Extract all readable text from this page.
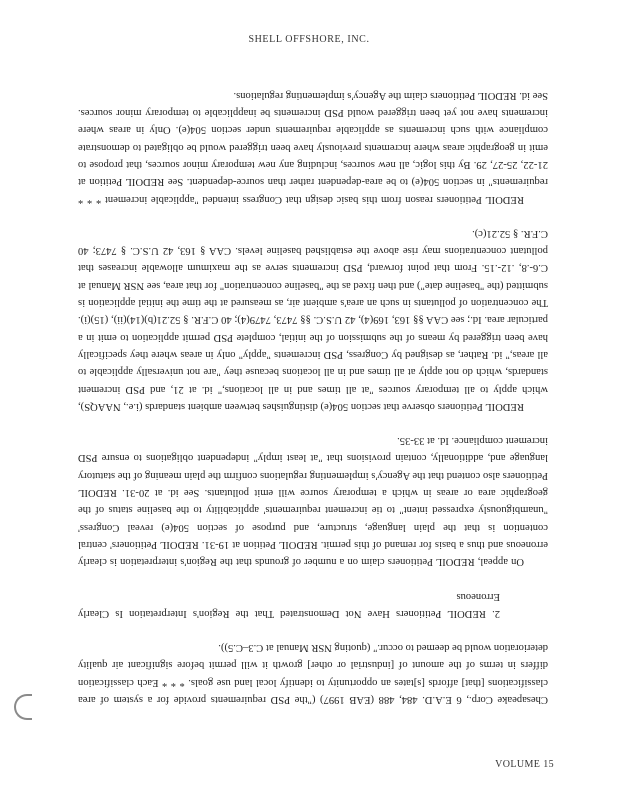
SHELL OFFSHORE, INC.

Chesapeake Corp., 6 E.A.D. 484, 488 (EAB 1997) ("the PSD requirements provide for a system of area classifications [that] affords [s]tates an opportunity to identify local land use goals. * * * Each classification differs in terms of the amount of [industrial or other] growth it will permit before significant air quality deterioration would be deemed to occur." (quoting NSR Manual at C.3–C.5)).

2. REDOIL Petitioners Have Not Demonstrated That the Region's Interpretation Is Clearly Erroneous

On appeal, REDOIL Petitioners claim on a number of grounds that the Region's interpretation is clearly erroneous and thus a basis for remand of this permit. REDOIL Petition at 19-31. REDOIL Petitioners' central contention is that the plain language, structure, and purpose of section 504(e) reveal Congress' "unambiguously expressed intent" to tie increment requirements' applicability to the baseline status of the geographic area or areas in which a temporary source will emit pollutants. See id. at 20-31. REDOIL Petitioners also contend that the Agency's implementing regulations confirm the plain meaning of the statutory language and, additionally, contain provisions that "at least imply" independent obligations to ensure PSD increment compliance. Id. at 33-35.

REDOIL Petitioners observe that section 504(e) distinguishes between ambient standards (i.e., NAAQS), which apply to all temporary sources "at all times and in all locations," id. at 21, and PSD increment standards, which do not apply at all times and in all locations because they "are not universally applicable to all areas," id. Rather, as designed by Congress, PSD increments "apply" only in areas where they specifically have been triggered by means of the submission of the initial, complete PSD permit application to emit in a particular area. Id.; see CAA §§ 163, 169(4), 42 U.S.C. §§ 7473, 7479(4); 40 C.F.R. § 52.21(b)(14)(ii), (15)(i). The concentration of pollutants in such an area's ambient air, as measured at the time the initial application is submitted (the "baseline date") and then fixed as the "baseline concentration" for that area, see NSR Manual at C.6-.8, .12-.15. From that point forward, PSD increments serve as the maximum allowable increases that pollutant concentrations may rise above the established baseline levels. CAA § 163, 42 U.S.C. § 7473; 40 C.F.R. § 52.21(c).

REDOIL Petitioners reason from this basic design that Congress intended "applicable increment * * * requirements" in section 504(e) to be area-dependent rather than source-dependent. See REDOIL Petition at 21-22, 25-27, 29. By this logic, all new sources, including any new temporary minor sources, that propose to emit in geographic areas where increments previously have been triggered would be obligated to demonstrate compliance with such increments as applicable requirements under section 504(e). Only in areas where increments have not yet been triggered would PSD increments be inapplicable to temporary minor sources. See id. REDOIL Petitioners claim the Agency's implementing regulations.

VOLUME 15
